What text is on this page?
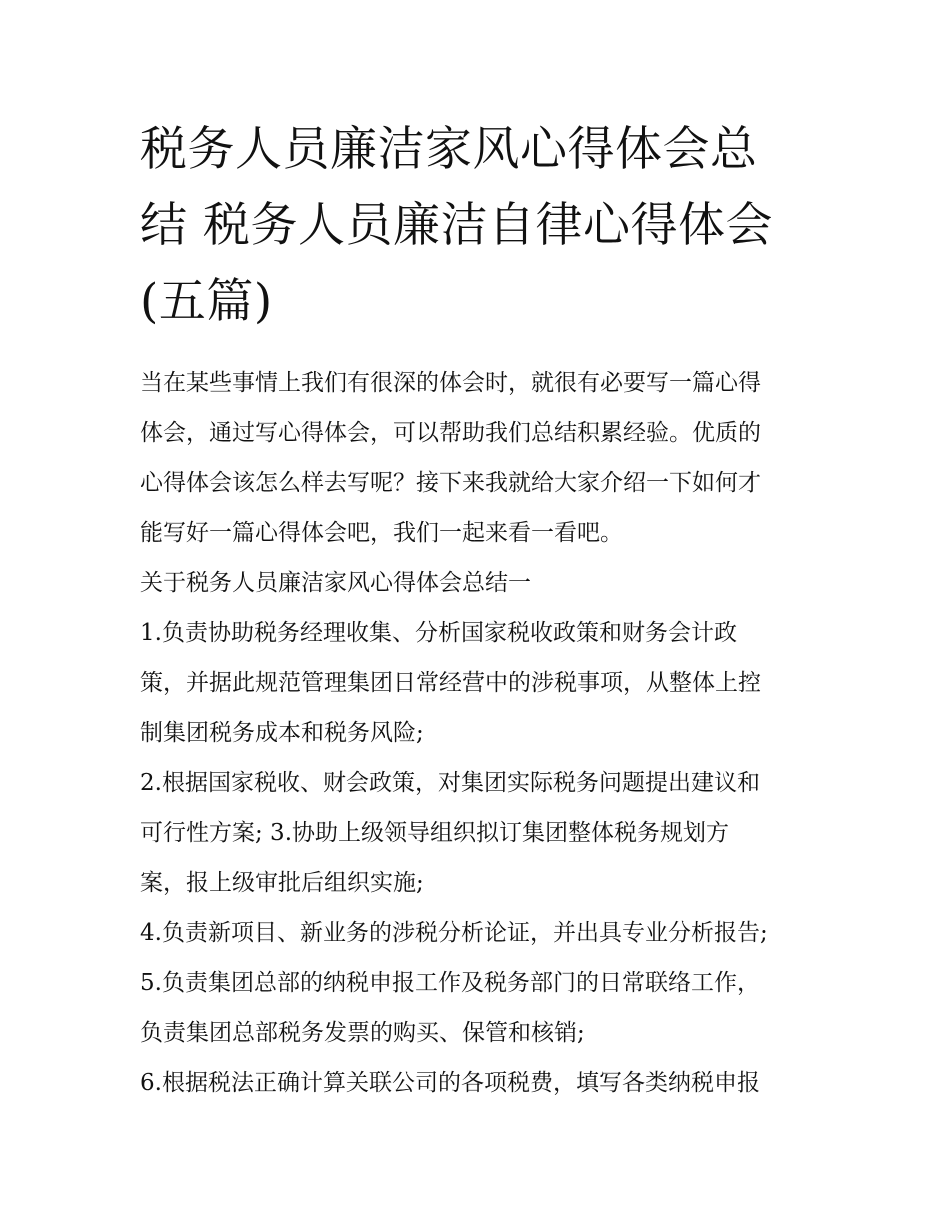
税务人员廉洁家风心得体会总
结 税务人员廉洁自律心得体会
(五篇)

当在某些事情上我们有很深的体会时，就很有必要写一篇心得
体会，通过写心得体会，可以帮助我们总结积累经验。优质的
心得体会该怎么样去写呢？接下来我就给大家介绍一下如何才
能写好一篇心得体会吧，我们一起来看一看吧。

关于税务人员廉洁家风心得体会总结一

1.负责协助税务经理收集、分析国家税收政策和财务会计政
策，并据此规范管理集团日常经营中的涉税事项，从整体上控
制集团税务成本和税务风险;

2.根据国家税收、财会政策，对集团实际税务问题提出建议和
可行性方案; 3.协助上级领导组织拟订集团整体税务规划方
案，报上级审批后组织实施;

4.负责新项目、新业务的涉税分析论证，并出具专业分析报告;

5.负责集团总部的纳税申报工作及税务部门的日常联络工作，
负责集团总部税务发票的购买、保管和核销;

6.根据税法正确计算关联公司的各项税费，填写各类纳税申报
